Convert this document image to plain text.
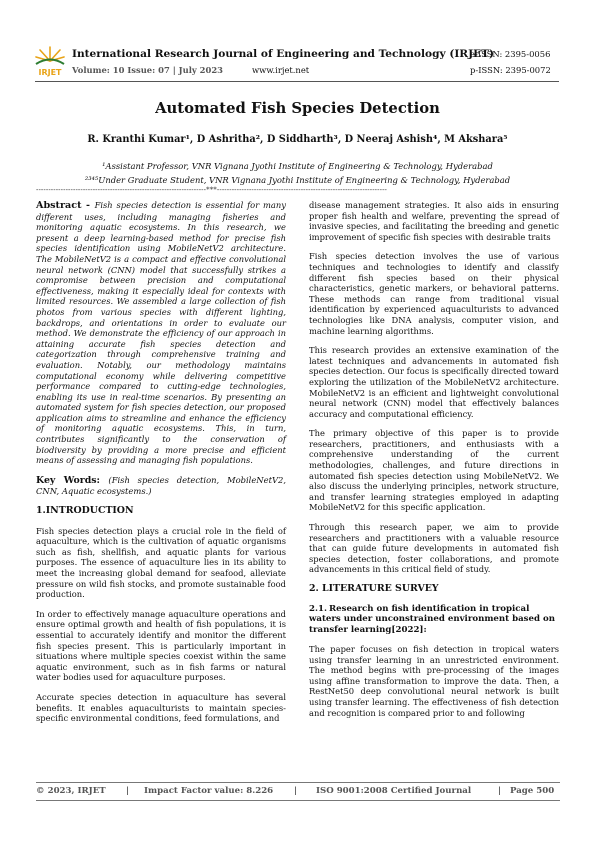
IRJET
International Research Journal of Engineering and Technology (IRJET)
e-ISSN: 2395-0056
Volume: 10 Issue: 07 | July 2023	www.irjet.net	p-ISSN: 2395-0072
Automated Fish Species Detection
R. Kranthi Kumar¹, D Ashritha², D Siddharth³, D Neeraj Ashish⁴, M Akshara⁵
¹Assistant Professor, VNR Vignana Jyothi Institute of Engineering & Technology, Hyderabad
²³⁴⁵Under Graduate Student, VNR Vignana Jyothi Institute of Engineering & Technology, Hyderabad
---------------------------------------------------------------------***---------------------------------------------------------------------

Abstract - Fish species detection is essential for many different uses, including managing fisheries and monitoring aquatic ecosystems. In this research, we present a deep learning-based method for precise fish species identification using MobileNetV2 architecture. The MobileNetV2 is a compact and effective convolutional neural network (CNN) model that successfully strikes a compromise between precision and computational effectiveness, making it especially ideal for contexts with limited resources. We assembled a large collection of fish photos from various species with different lighting, backdrops, and orientations in order to evaluate our method. We demonstrate the efficiency of our approach in attaining accurate fish species detection and categorization through comprehensive training and evaluation. Notably, our methodology maintains computational economy while delivering competitive performance compared to cutting-edge technologies, enabling its use in real-time scenarios. By presenting an automated system for fish species detection, our proposed application aims to streamline and enhance the efficiency of monitoring aquatic ecosystems. This, in turn, contributes significantly to the conservation of biodiversity by providing a more precise and efficient means of assessing and managing fish populations.

Key Words: (Fish species detection, MobileNetV2, CNN, Aquatic ecosystems.)

1.INTRODUCTION

Fish species detection plays a crucial role in the field of aquaculture, which is the cultivation of aquatic organisms such as fish, shellfish, and aquatic plants for various purposes. The essence of aquaculture lies in its ability to meet the increasing global demand for seafood, alleviate pressure on wild fish stocks, and promote sustainable food production.

In order to effectively manage aquaculture operations and ensure optimal growth and health of fish populations, it is essential to accurately identify and monitor the different fish species present. This is particularly important in situations where multiple species coexist within the same aquatic environment, such as in fish farms or natural water bodies used for aquaculture purposes.

Accurate species detection in aquaculture has several benefits. It enables aquaculturists to maintain species-specific environmental conditions, feed formulations, and

disease management strategies. It also aids in ensuring proper fish health and welfare, preventing the spread of invasive species, and facilitating the breeding and genetic improvement of specific fish species with desirable traits

Fish species detection involves the use of various techniques and technologies to identify and classify different fish species based on their physical characteristics, genetic markers, or behavioral patterns. These methods can range from traditional visual identification by experienced aquaculturists to advanced technologies like DNA analysis, computer vision, and machine learning algorithms.

This research provides an extensive examination of the latest techniques and advancements in automated fish species detection. Our focus is specifically directed toward exploring the utilization of the MobileNetV2 architecture. MobileNetV2 is an efficient and lightweight convolutional neural network (CNN) model that effectively balances accuracy and computational efficiency.

The primary objective of this paper is to provide researchers, practitioners, and enthusiasts with a comprehensive understanding of the current methodologies, challenges, and future directions in automated fish species detection using MobileNetV2. We also discuss the underlying principles, network structure, and transfer learning strategies employed in adapting MobileNetV2 for this specific application.

Through this research paper, we aim to provide researchers and practitioners with a valuable resource that can guide future developments in automated fish species detection, foster collaborations, and promote advancements in this critical field of study.

2. LITERATURE SURVEY
2.1. Research on fish identification in tropical waters under unconstrained environment based on transfer learning[2022]:

The paper focuses on fish detection in tropical waters using transfer learning in an unrestricted environment. The method begins with pre-processing of the images using affine transformation to improve the data. Then, a RestNet50 deep convolutional neural network is built using transfer learning. The effectiveness of fish detection and recognition is compared prior to and following

© 2023, IRJET | Impact Factor value: 8.226 | ISO 9001:2008 Certified Journal	| Page 500
